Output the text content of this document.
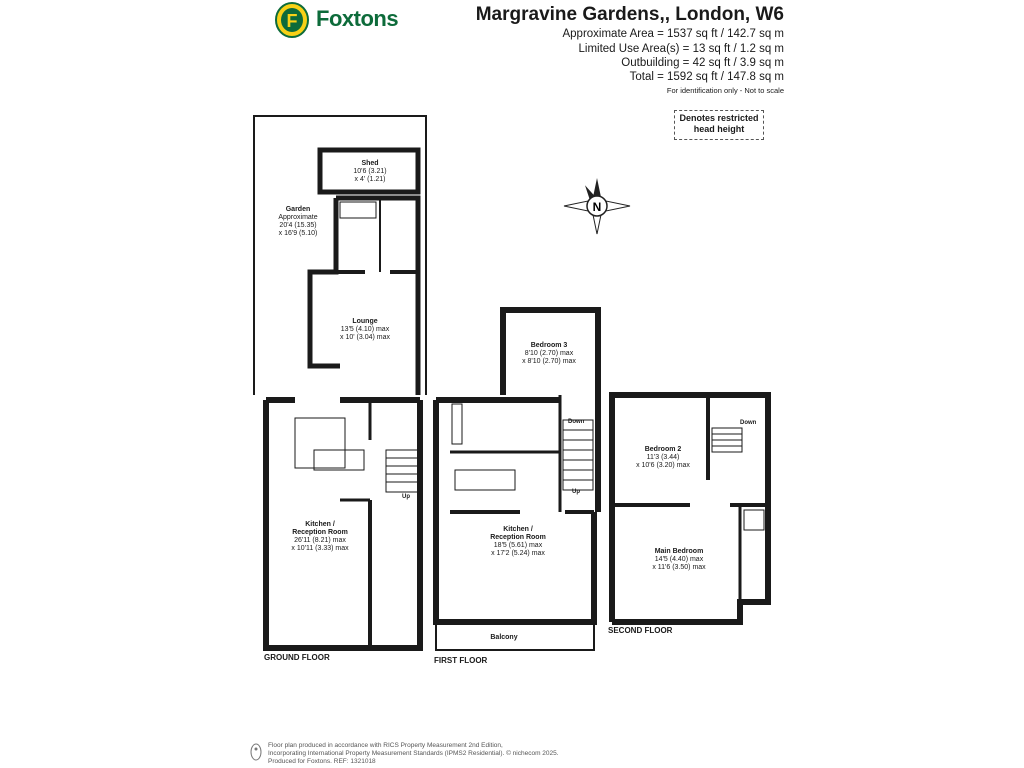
F Foxtons	Margravine Gardens,, London, W6
Approximate Area = 1537 sq ft / 142.7 sq m
Limited Use Area(s) = 13 sq ft / 1.2 sq m
Outbuilding = 42 sq ft / 3.9 sq m
Total = 1592 sq ft / 147.8 sq m
For identification only - Not to scale
Denotes restricted
head height
N
Shed
10'6 (3.21)
x 4' (1.21)
Garden
Approximate
20'4 (15.35)
x 16'9 (5.10)
Lounge
13'5 (4.10) max
x 10' (3.04) max
Kitchen /
Reception Room
26'11 (8.21) max
x 10'11 (3.33) max
Up
GROUND FLOOR
Bedroom 3
8'10 (2.70) max
x 8'10 (2.70) max
Kitchen /
Reception Room
18'5 (5.61) max
x 17'2 (5.24) max
Down
Up
Balcony
FIRST FLOOR
Bedroom 2
11'3 (3.44)
x 10'6 (3.20) max
Main Bedroom
14'5 (4.40) max
x 11'6 (3.50) max
Down
SECOND FLOOR
Floor plan produced in accordance with RICS Property Measurement 2nd Edition,
Incorporating International Property Measurement Standards (IPMS2 Residential). © nichecom 2025.
Produced for Foxtons. REF: 1321018
